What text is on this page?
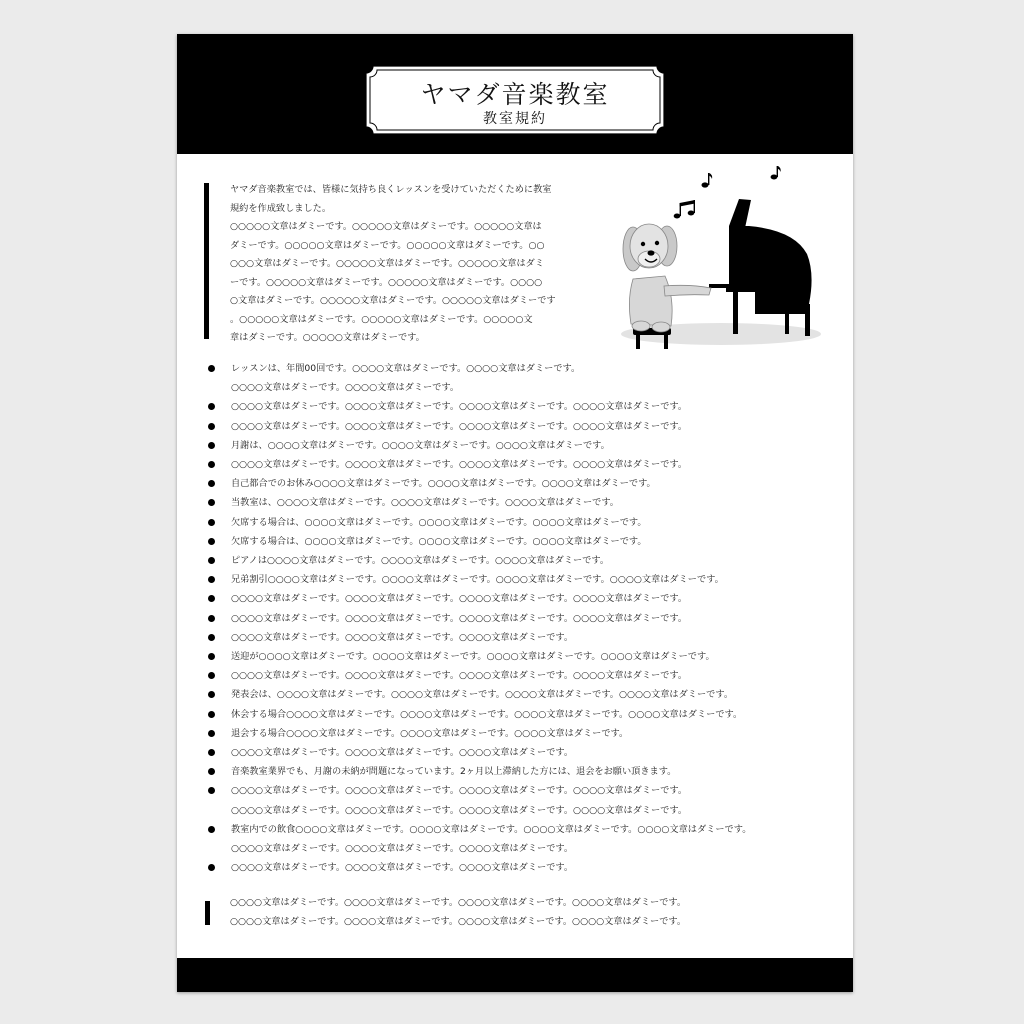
ヤマダ音楽教室
教室規約

ヤマダ音楽教室では、皆様に気持ち良くレッスンを受けていただくために教室
規約を作成致しました。
○○○○○文章はダミーです。○○○○○文章はダミーです。○○○○○文章は
ダミーです。○○○○○文章はダミーです。○○○○○文章はダミーです。○○
○○○文章はダミーです。○○○○○文章はダミーです。○○○○○文章はダミ
ーです。○○○○○文章はダミーです。○○○○○文章はダミーです。○○○○
○文章はダミーです。○○○○○文章はダミーです。○○○○○文章はダミーです
。○○○○○文章はダミーです。○○○○○文章はダミーです。○○○○○文
章はダミーです。○○○○○文章はダミーです。

レッスンは、年間00回です。○○○○文章はダミーです。○○○○文章はダミーです。
○○○○文章はダミーです。○○○○文章はダミーです。
○○○○文章はダミーです。○○○○文章はダミーです。○○○○文章はダミーです。○○○○文章はダミーです。
○○○○文章はダミーです。○○○○文章はダミーです。○○○○文章はダミーです。○○○○文章はダミーです。
月謝は、○○○○文章はダミーです。○○○○文章はダミーです。○○○○文章はダミーです。
○○○○文章はダミーです。○○○○文章はダミーです。○○○○文章はダミーです。○○○○文章はダミーです。
自己都合でのお休み○○○○文章はダミーです。○○○○文章はダミーです。○○○○文章はダミーです。
当教室は、○○○○文章はダミーです。○○○○文章はダミーです。○○○○文章はダミーです。
欠席する場合は、○○○○文章はダミーです。○○○○文章はダミーです。○○○○文章はダミーです。
欠席する場合は、○○○○文章はダミーです。○○○○文章はダミーです。○○○○文章はダミーです。
ピアノは○○○○文章はダミーです。○○○○文章はダミーです。○○○○文章はダミーです。
兄弟割引○○○○文章はダミーです。○○○○文章はダミーです。○○○○文章はダミーです。○○○○文章はダミーです。
○○○○文章はダミーです。○○○○文章はダミーです。○○○○文章はダミーです。○○○○文章はダミーです。
○○○○文章はダミーです。○○○○文章はダミーです。○○○○文章はダミーです。○○○○文章はダミーです。
○○○○文章はダミーです。○○○○文章はダミーです。○○○○文章はダミーです。
送迎が○○○○文章はダミーです。○○○○文章はダミーです。○○○○文章はダミーです。○○○○文章はダミーです。
○○○○文章はダミーです。○○○○文章はダミーです。○○○○文章はダミーです。○○○○文章はダミーです。
発表会は、○○○○文章はダミーです。○○○○文章はダミーです。○○○○文章はダミーです。○○○○文章はダミーです。
休会する場合○○○○文章はダミーです。○○○○文章はダミーです。○○○○文章はダミーです。○○○○文章はダミーです。
退会する場合○○○○文章はダミーです。○○○○文章はダミーです。○○○○文章はダミーです。
○○○○文章はダミーです。○○○○文章はダミーです。○○○○文章はダミーです。
音楽教室業界でも、月謝の未納が問題になっています。2ヶ月以上滞納した方には、退会をお願い頂きます。
○○○○文章はダミーです。○○○○文章はダミーです。○○○○文章はダミーです。○○○○文章はダミーです。
○○○○文章はダミーです。○○○○文章はダミーです。○○○○文章はダミーです。○○○○文章はダミーです。
教室内での飲食○○○○文章はダミーです。○○○○文章はダミーです。○○○○文章はダミーです。○○○○文章はダミーです。
○○○○文章はダミーです。○○○○文章はダミーです。○○○○文章はダミーです。
○○○○文章はダミーです。○○○○文章はダミーです。○○○○文章はダミーです。

○○○○文章はダミーです。○○○○文章はダミーです。○○○○文章はダミーです。○○○○文章はダミーです。
○○○○文章はダミーです。○○○○文章はダミーです。○○○○文章はダミーです。○○○○文章はダミーです。
